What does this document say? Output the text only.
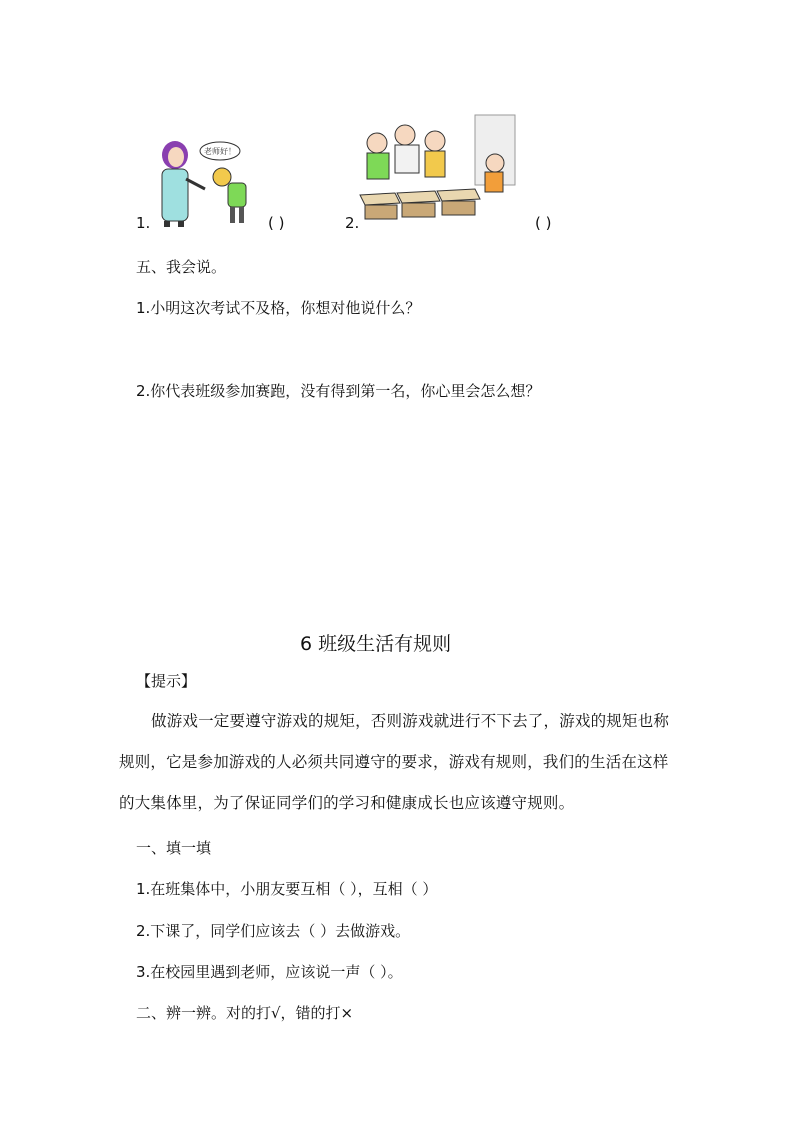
老师好！
1.	( )	2.	( )
五、我会说。
1.小明这次考试不及格，你想对他说什么？
2.你代表班级参加赛跑，没有得到第一名，你心里会怎么想？
6 班级生活有规则
【提示】
做游戏一定要遵守游戏的规矩，否则游戏就进行不下去了，游戏的规矩也称规则，它是参加游戏的人必须共同遵守的要求，游戏有规则，我们的生活在这样的大集体里，为了保证同学们的学习和健康成长也应该遵守规则。
一、填一填
1.在班集体中，小朋友要互相（ ），互相（ ）
2.下课了，同学们应该去（ ）去做游戏。
3.在校园里遇到老师，应该说一声（ ）。
二、辨一辨。对的打√，错的打×
